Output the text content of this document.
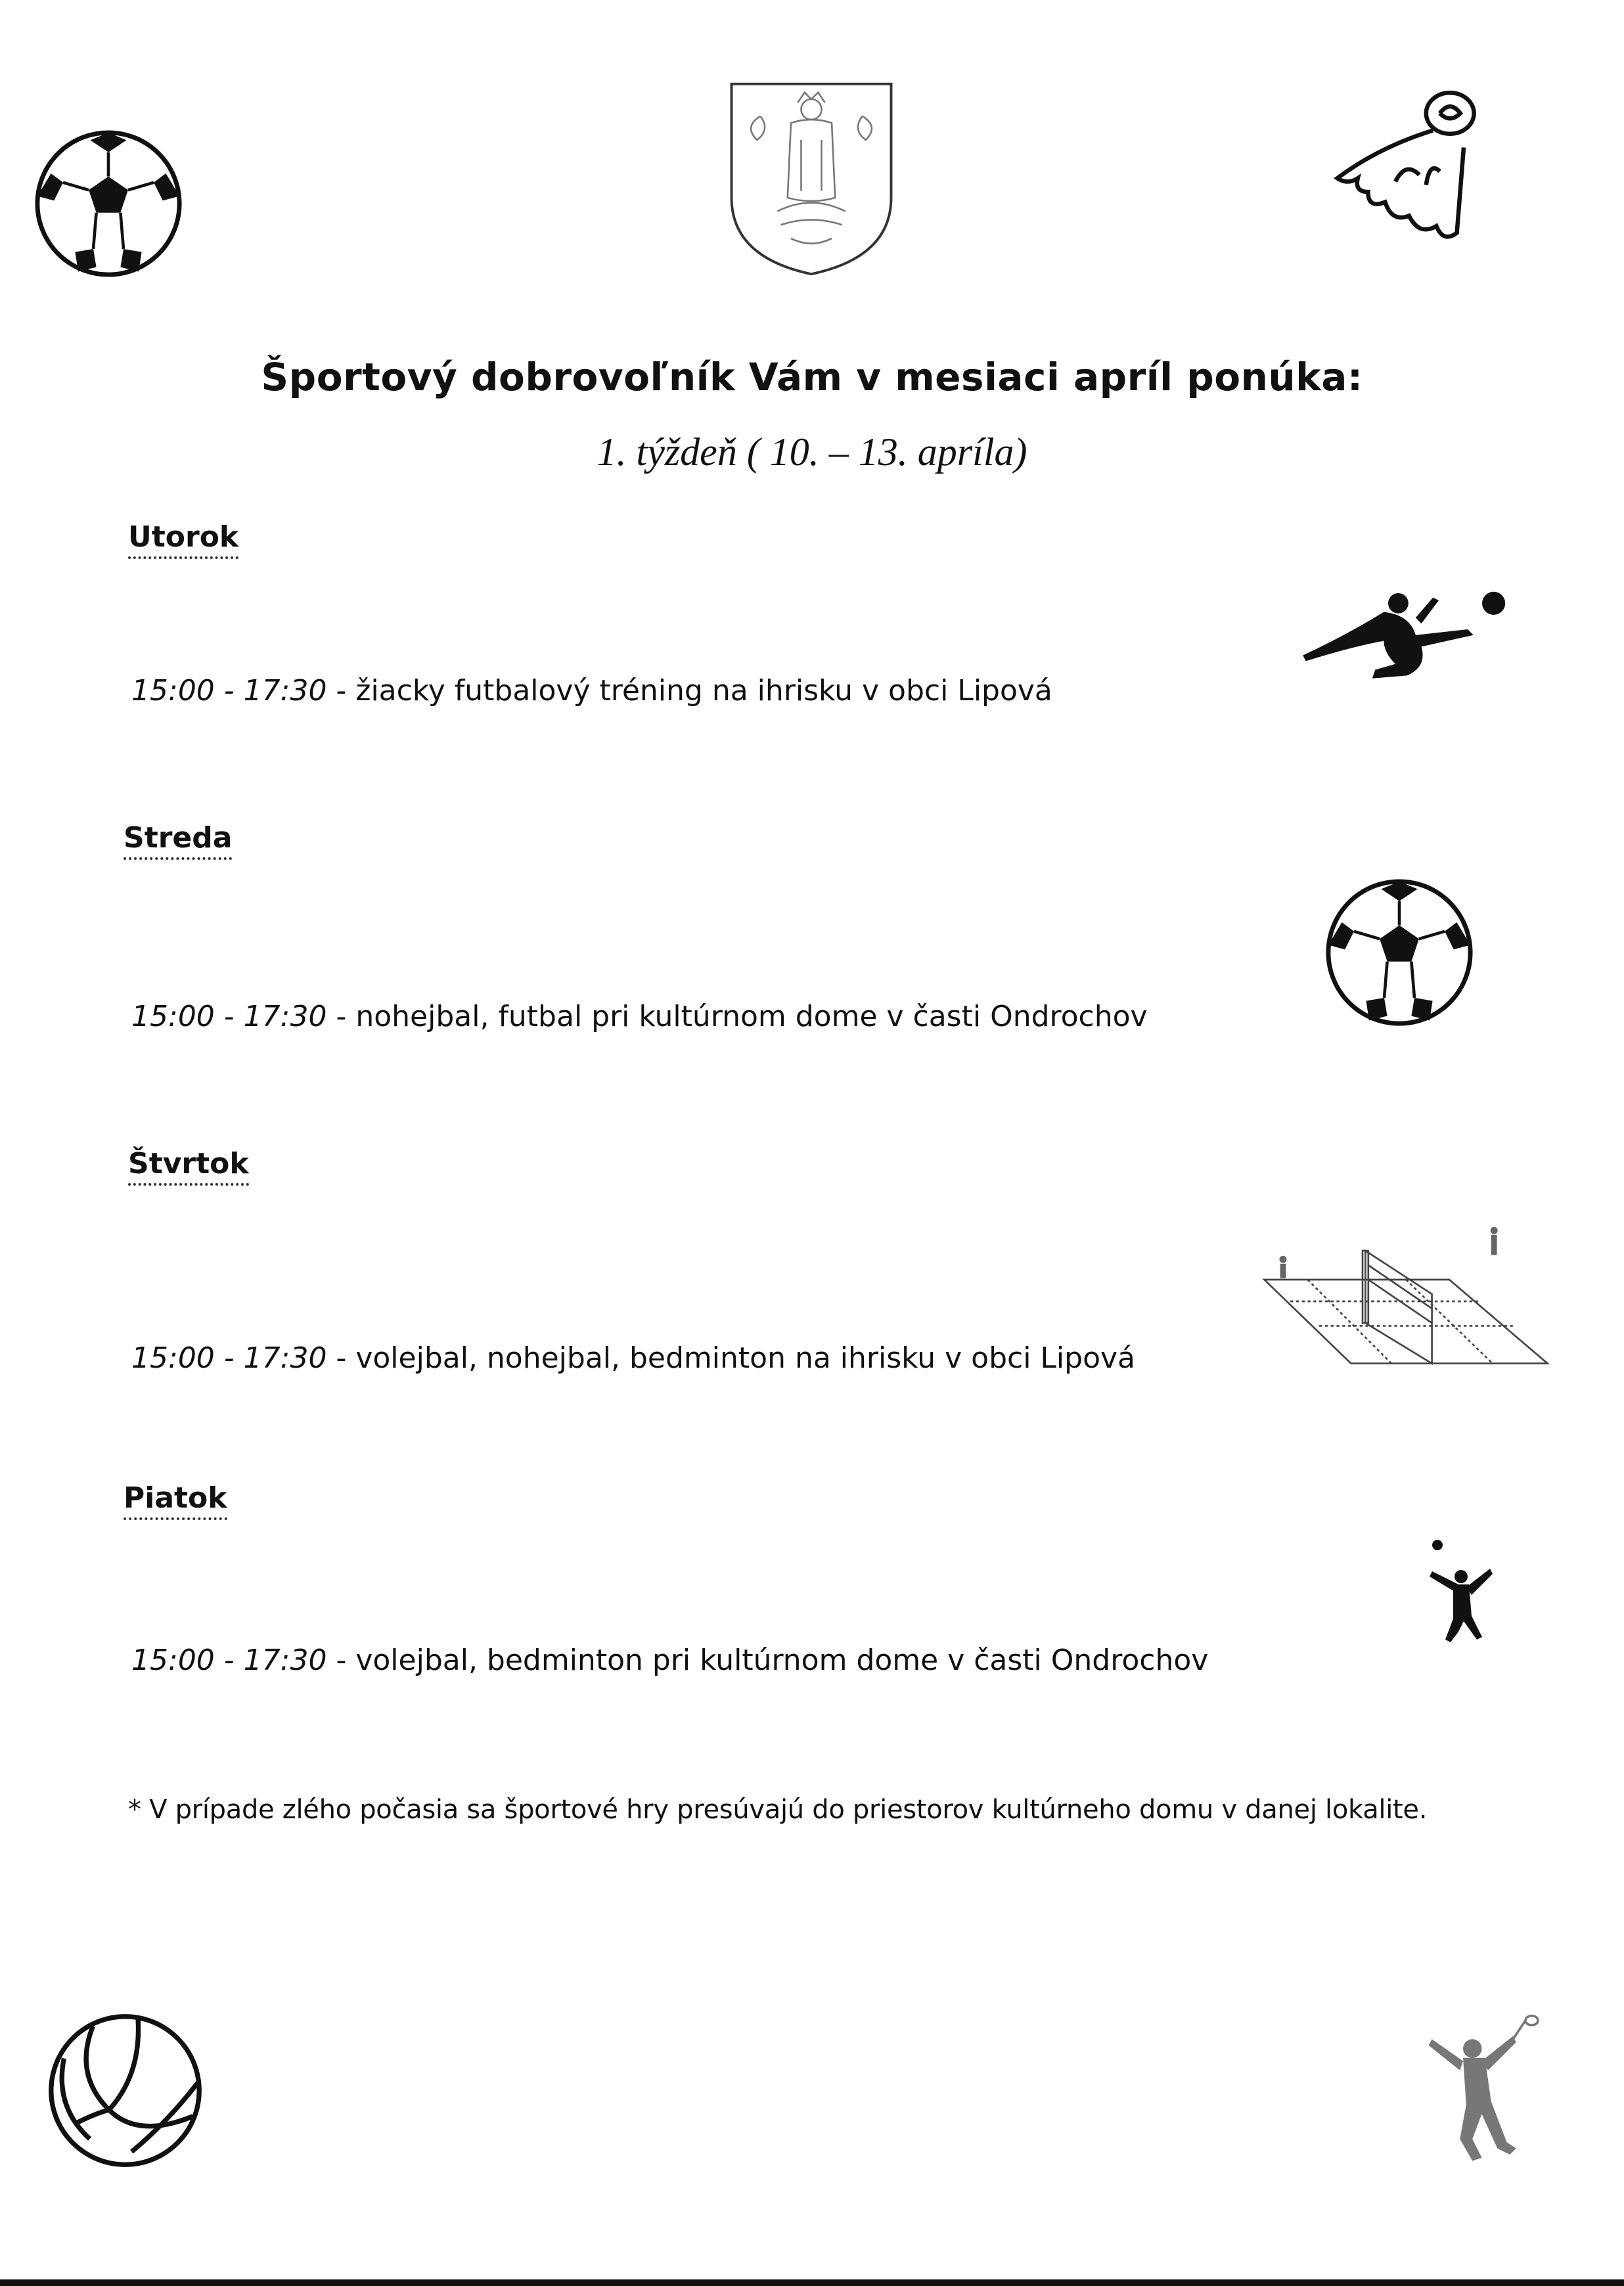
Športový dobrovoľník Vám v mesiaci apríl ponúka:
1. týždeň ( 10. – 13. apríla)
Utorok
15:00 - 17:30 - žiacky futbalový tréning na ihrisku v obci Lipová
Streda
15:00 - 17:30 - nohejbal, futbal pri kultúrnom dome v časti Ondrochov
Štvrtok
15:00 - 17:30 - volejbal, nohejbal, bedminton na ihrisku v obci Lipová
Piatok
15:00 - 17:30 - volejbal, bedminton pri kultúrnom dome v časti Ondrochov
* V prípade zlého počasia sa športové hry presúvajú do priestorov kultúrneho domu v danej lokalite.
